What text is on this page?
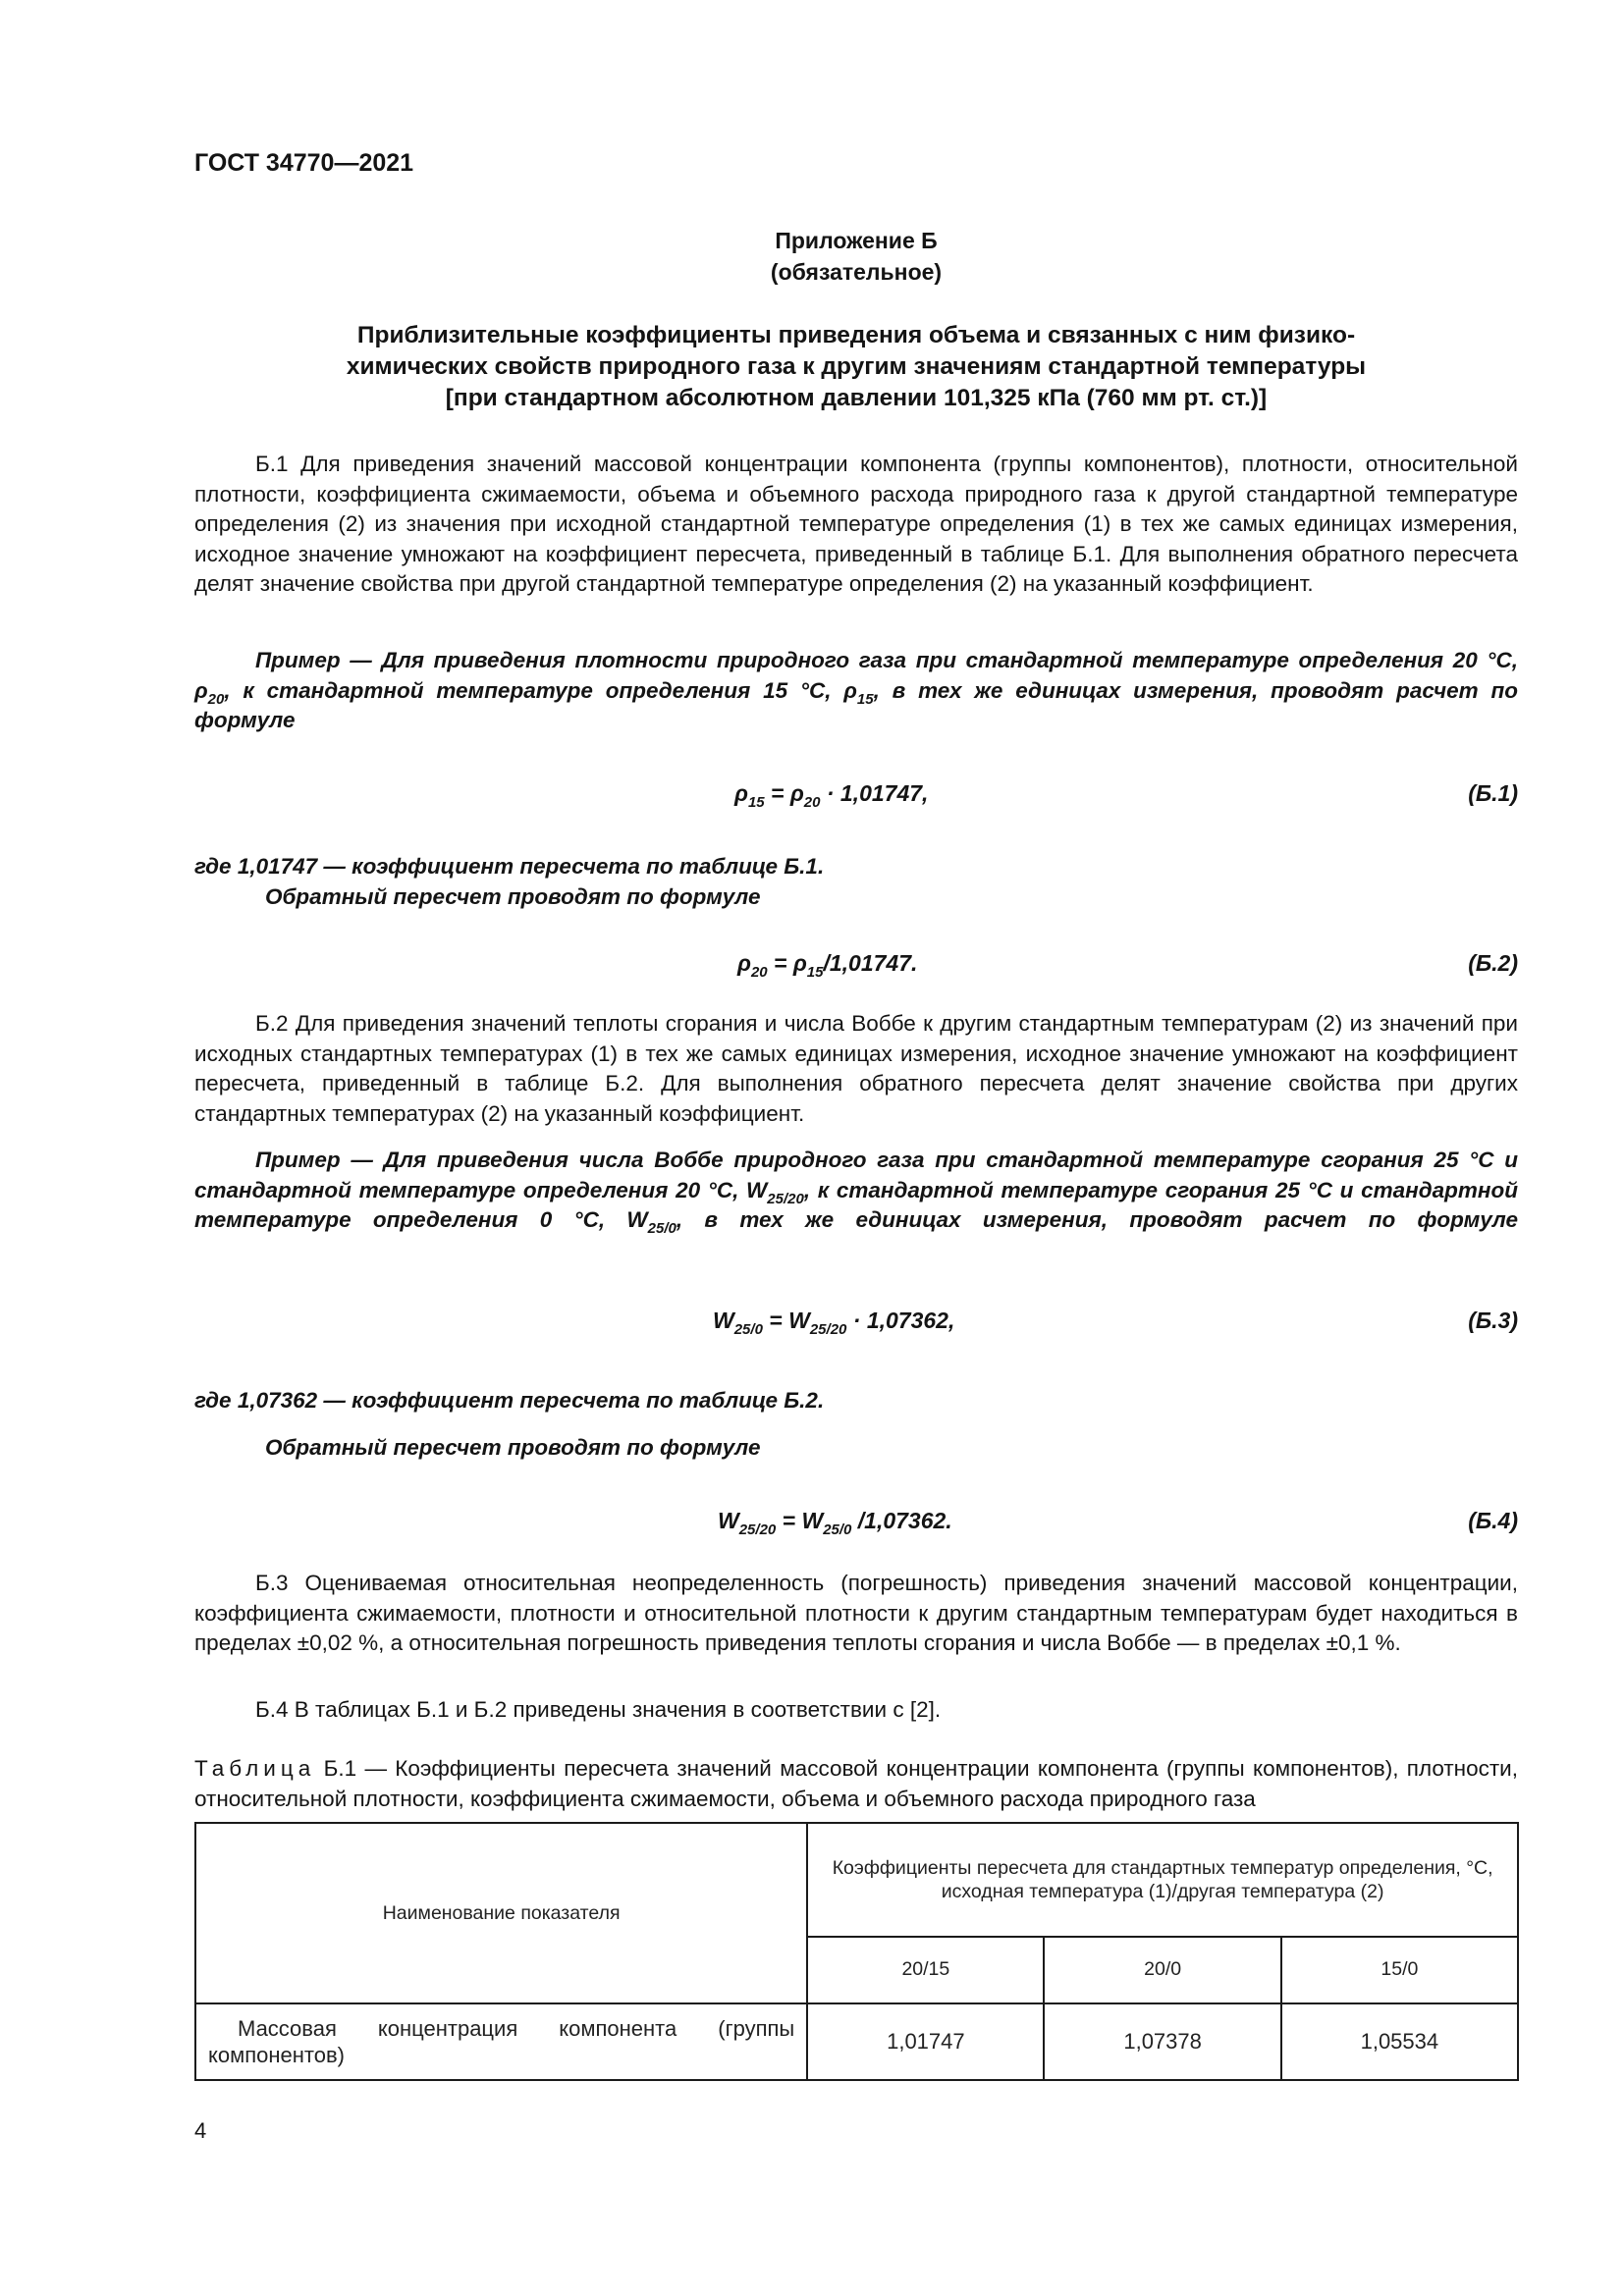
ГОСТ 34770—2021
Приложение Б
(обязательное)
Приблизительные коэффициенты приведения объема и связанных с ним физико-
химических свойств природного газа к другим значениям стандартной температуры
[при стандартном абсолютном давлении 101,325 кПа (760 мм рт. ст.)]
Б.1 Для приведения значений массовой концентрации компонента (группы компонентов), плотности, относительной плотности, коэффициента сжимаемости, объема и объемного расхода природного газа к другой стандартной температуре определения (2) из значения при исходной стандартной температуре определения (1) в тех же самых единицах измерения, исходное значение умножают на коэффициент пересчета, приведенный в таблице Б.1. Для выполнения обратного пересчета делят значение свойства при другой стандартной температуре определения (2) на указанный коэффициент.
Пример — Для приведения плотности природного газа при стандартной температуре определения 20 °С, $\rho_{20}$, к стандартной температуре определения 15 °С, $\rho_{15}$, в тех же единицах измерения, проводят расчет по формуле
$\rho_{15} = \rho_{20} \cdot 1,01747$,	(Б.1)
где 1,01747 — коэффициент пересчета по таблице Б.1.
Обратный пересчет проводят по формуле
$\rho_{20} = \rho_{15}/1,01747$.	(Б.2)
Б.2 Для приведения значений теплоты сгорания и числа Воббе к другим стандартным температурам (2) из значений при исходных стандартных температурах (1) в тех же самых единицах измерения, исходное значение умножают на коэффициент пересчета, приведенный в таблице Б.2. Для выполнения обратного пересчета делят значение свойства при других стандартных температурах (2) на указанный коэффициент.
Пример — Для приведения числа Воббе природного газа при стандартной температуре сгорания 25 °С и стандартной температуре определения 20 °С, $W_{25/20}$, к стандартной температуре сгорания 25 °С и стандартной температуре определения 0 °С, $W_{25/0}$, в тех же единицах измерения, проводят расчет по формуле
$W_{25/0} = W_{25/20} \cdot 1,07362$,	(Б.3)
где 1,07362 — коэффициент пересчета по таблице Б.2.
Обратный пересчет проводят по формуле
$W_{25/20} = W_{25/0}$ /1,07362.	(Б.4)
Б.3 Оцениваемая относительная неопределенность (погрешность) приведения значений массовой концентрации, коэффициента сжимаемости, плотности и относительной плотности к другим стандартным температурам будет находиться в пределах ±0,02 %, а относительная погрешность приведения теплоты сгорания и числа Воббе — в пределах ±0,1 %.
Б.4 В таблицах Б.1 и Б.2 приведены значения в соответствии с [2].
Таблица Б.1 — Коэффициенты пересчета значений массовой концентрации компонента (группы компонентов), плотности, относительной плотности, коэффициента сжимаемости, объема и объемного расхода природного газа
Наименование показателя	Коэффициенты пересчета для стандартных температур определения, °С, исходная температура (1)/другая температура (2)		
	20/15	20/0	15/0
Массовая концентрация компонента (группы компонентов)	1,01747	1,07378	1,05534
4
